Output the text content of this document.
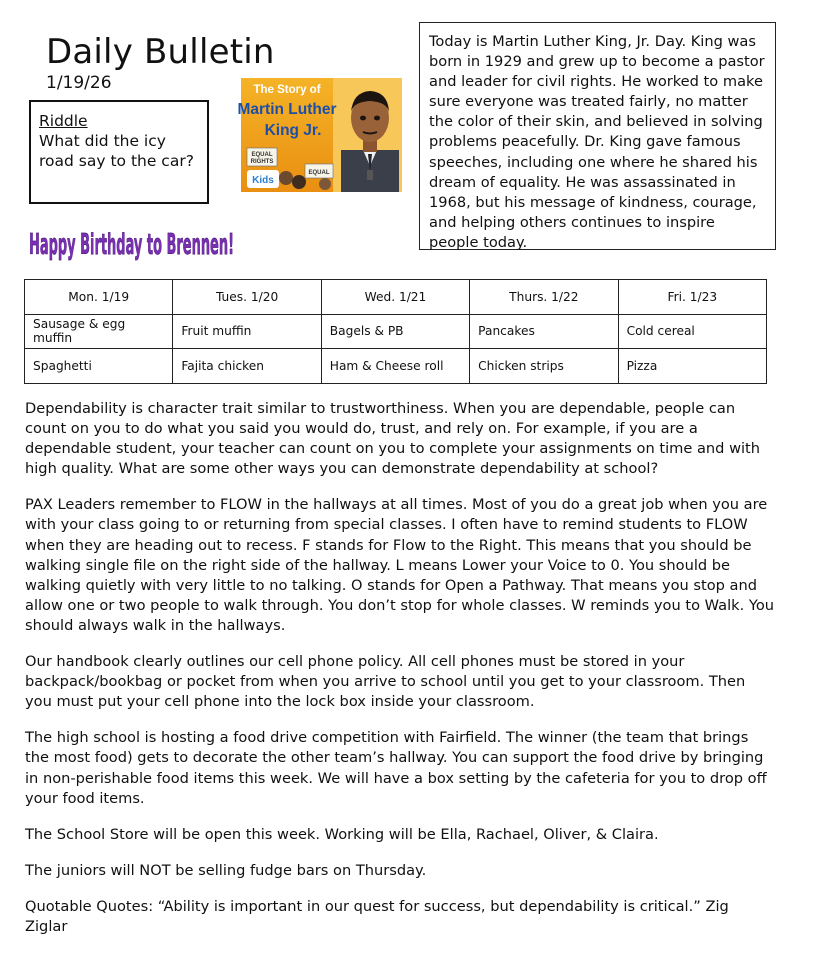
Daily Bulletin
1/19/26
Riddle
What did the icy road say to the car?
The Story of
Martin Luther
King Jr.
EQUAL
RIGHTS
EQUAL
Kids
Today is Martin Luther King, Jr. Day. King was born in 1929 and grew up to become a pastor and leader for civil rights. He worked to make sure everyone was treated fairly, no matter the color of their skin, and believed in solving problems peacefully. Dr. King gave famous speeches, including one where he shared his dream of equality. He was assassinated in 1968, but his message of kindness, courage, and helping others continues to inspire people today.
Happy Birthday to Brennen!
Mon. 1/19	Tues. 1/20	Wed. 1/21	Thurs. 1/22	Fri. 1/23
Sausage & egg muffin	Fruit muffin	Bagels & PB	Pancakes	Cold cereal
Spaghetti	Fajita chicken	Ham & Cheese roll	Chicken strips	Pizza

Dependability is character trait similar to trustworthiness. When you are dependable, people can count on you to do what you said you would do, trust, and rely on. For example, if you are a dependable student, your teacher can count on you to complete your assignments on time and with high quality. What are some other ways you can demonstrate dependability at school?

PAX Leaders remember to FLOW in the hallways at all times. Most of you do a great job when you are with your class going to or returning from special classes. I often have to remind students to FLOW when they are heading out to recess. F stands for Flow to the Right. This means that you should be walking single file on the right side of the hallway. L means Lower your Voice to 0. You should be walking quietly with very little to no talking. O stands for Open a Pathway. That means you stop and allow one or two people to walk through. You don’t stop for whole classes. W reminds you to Walk. You should always walk in the hallways.

Our handbook clearly outlines our cell phone policy. All cell phones must be stored in your backpack/bookbag or pocket from when you arrive to school until you get to your classroom. Then you must put your cell phone into the lock box inside your classroom.

The high school is hosting a food drive competition with Fairfield. The winner (the team that brings the most food) gets to decorate the other team’s hallway. You can support the food drive by bringing in non-perishable food items this week. We will have a box setting by the cafeteria for you to drop off your food items.

The School Store will be open this week. Working will be Ella, Rachael, Oliver, & Claira.

The juniors will NOT be selling fudge bars on Thursday.

Quotable Quotes: “Ability is important in our quest for success, but dependability is critical.” Zig Ziglar
